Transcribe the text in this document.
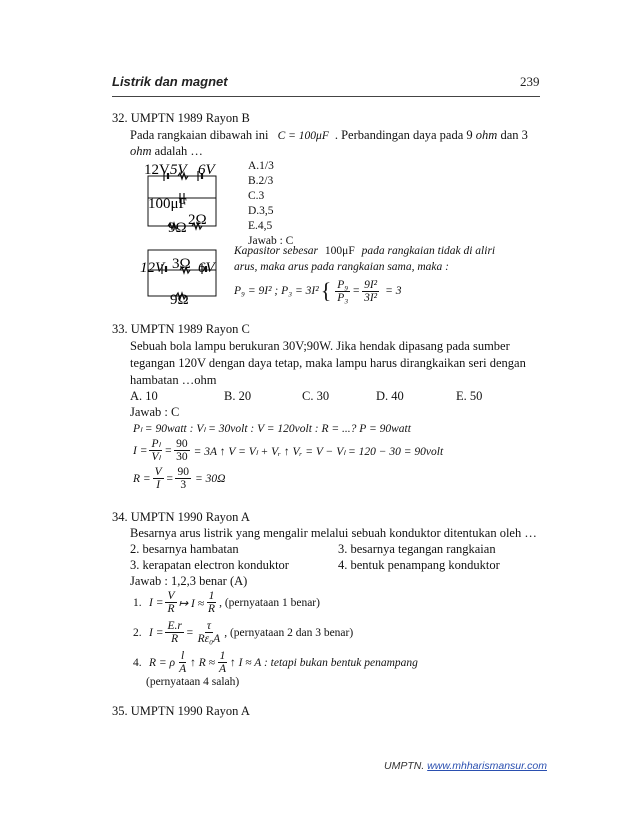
Listrik dan magnet	239
32. UMPTN 1989 Rayon B
Pada rangkaian dibawah ini C = 100μF . Perbandingan daya pada 9 ohm dan 3
ohm adalah …
12V 5V 6V
100μF
9Ω 2Ω
A.1/3
B.2/3
C.3
D.3,5
E.4,5
Jawab : C
12V 3Ω 6V
9Ω
Kapasitor sebesar 100μF pada rangkaian tidak di aliri
arus, maka arus pada rangkaian sama, maka :
P₉ = 9I² ; P₃ = 3I² { $\frac{\text{P₉}}{\text{P₃}} = \frac{\text{9I²}}{\text{3I²}} = 3$
33. UMPTN 1989 Rayon C
Sebuah bola lampu berukuran 30V;90W. Jika hendak dipasang pada sumber
tegangan 120V dengan daya tetap, maka lampu harus dirangkaikan seri dengan
hambatan …ohm
A. 10	B. 20	C. 30	D. 40	E. 50
Jawab : C
Pₗ = 90watt : Vₗ = 30volt : V = 120volt : R = ...? P = 90watt
$I = \frac{\text{Pₗ}}{\text{Vₗ}} = \frac{90}{30} = 3A$ ↑ V = Vₗ + Vᵣ ↑ Vᵣ = V − Vₗ = 120 − 30 = 90volt
$R = \frac{V}{I} = \frac{90}{3} = 30\Omega$
34. UMPTN 1990 Rayon A
Besarnya arus listrik yang mengalir melalui sebuah konduktor ditentukan oleh …
2. besarnya hambatan	3. besarnya tegangan rangkaian
3. kerapatan electron konduktor	4. bentuk penampang konduktor
Jawab : 1,2,3 benar (A)
1. $I = \frac{V}{R}$ ↦ $I \approx \frac{1}{R}$ , (pernyataan 1 benar)
2. $I = \frac{E.r}{R} = \frac{\tau}{\text{Rε₀A}}$ , (pernyataan 2 dan 3 benar)
4. R = ρ $\frac{l}{A}$ ↑ $R \approx \frac{1}{A}$ ↑ I ≈ A : tetapi bukan bentuk penampang
(pernyataan 4 salah)
35. UMPTN 1990 Rayon A
UMPTN. www.mhharismansur.com
